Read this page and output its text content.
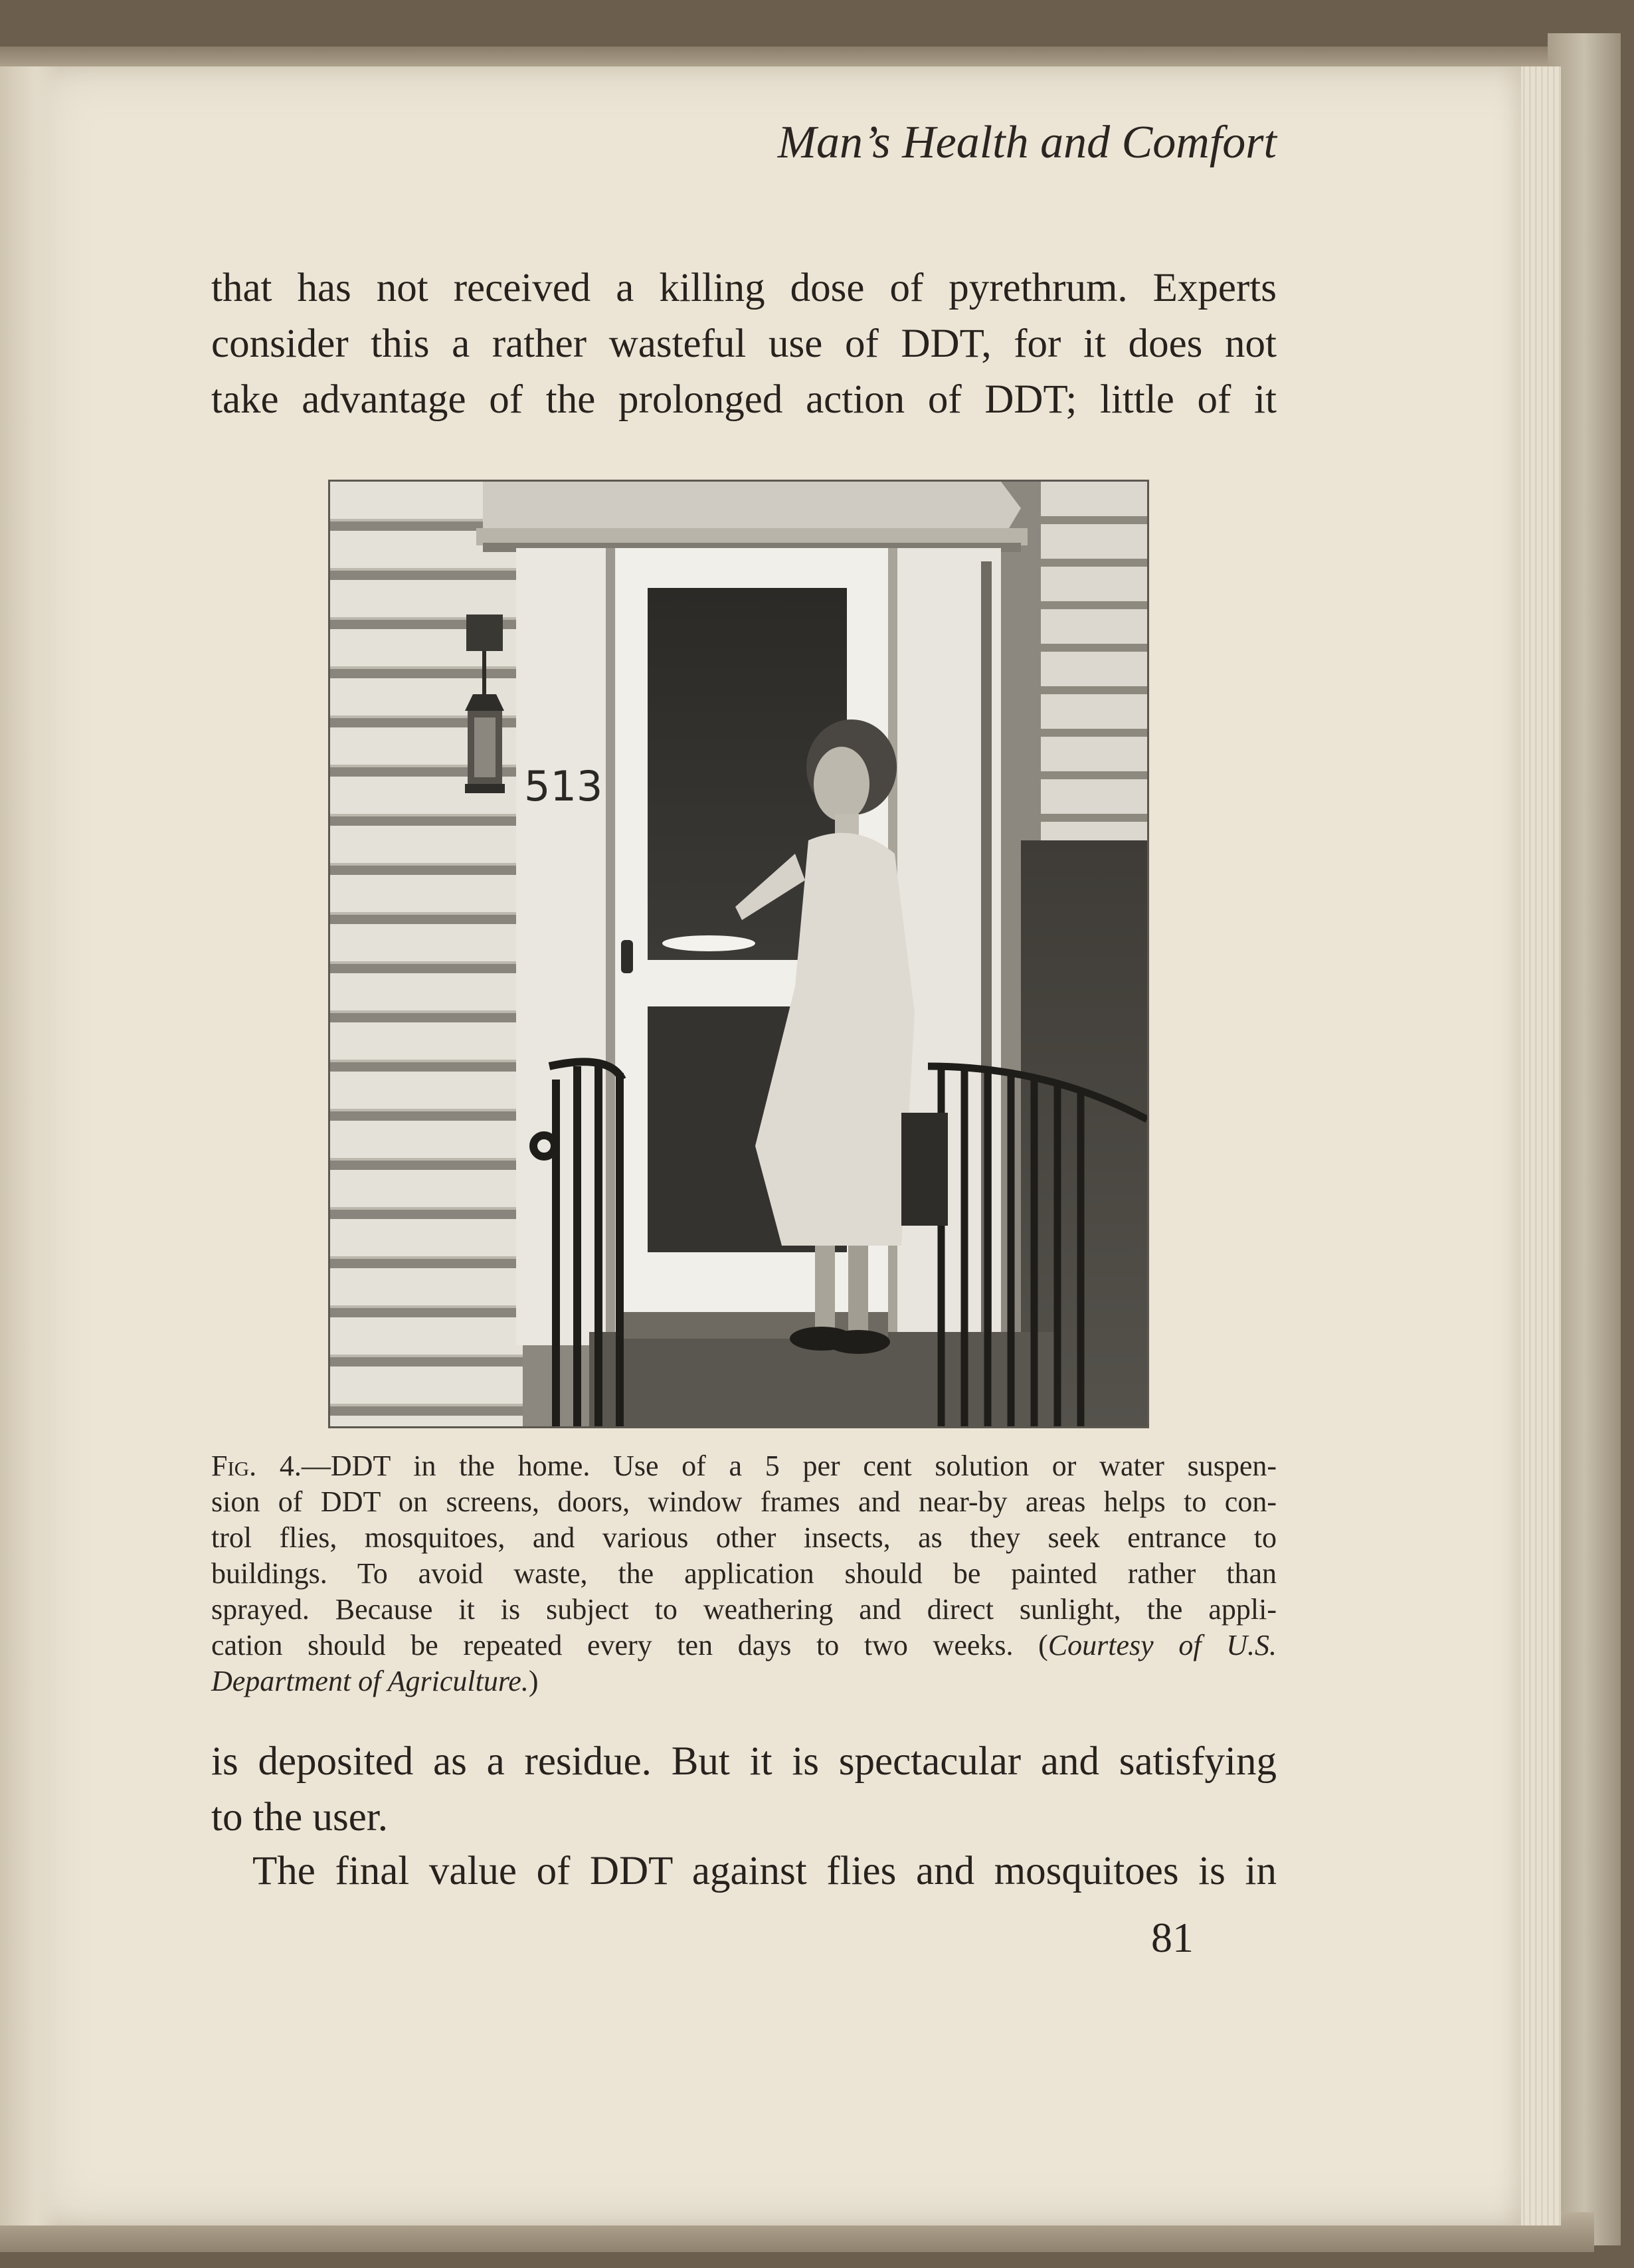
Man’s Health and Comfort
that has not received a killing dose of pyrethrum. Experts
consider this a rather wasteful use of DDT, for it does not
take advantage of the prolonged action of DDT; little of it
513
Fig. 4.—DDT in the home. Use of a 5 per cent solution or water suspen-
sion of DDT on screens, doors, window frames and near-by areas helps to con-
trol flies, mosquitoes, and various other insects, as they seek entrance to
buildings. To avoid waste, the application should be painted rather than
sprayed. Because it is subject to weathering and direct sunlight, the appli-
cation should be repeated every ten days to two weeks. (Courtesy of U.S.
Department of Agriculture.)
is deposited as a residue. But it is spectacular and satisfying
to the user.
The final value of DDT against flies and mosquitoes is in
81
